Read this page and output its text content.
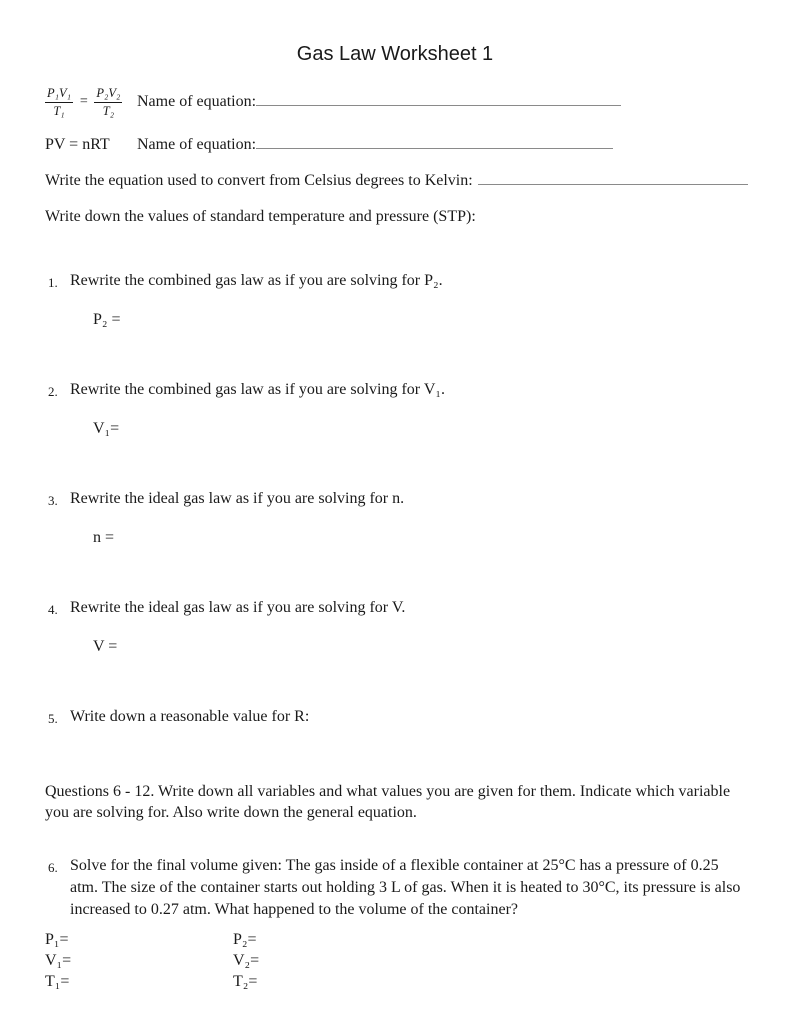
Gas Law Worksheet 1
$\frac{\text{P₁V₁}}{\text{T₁}} = \frac{\text{P₂V₂}}{\text{T₂}}$ Name of equation:
PV = nRT	Name of equation:
Write the equation used to convert from Celsius degrees to Kelvin:
Write down the values of standard temperature and pressure (STP):
1. Rewrite the combined gas law as if you are solving for P₂.
P₂ =
2. Rewrite the combined gas law as if you are solving for V₁.
V₁=
3. Rewrite the ideal gas law as if you are solving for n.
n =
4. Rewrite the ideal gas law as if you are solving for V.
V =
5. Write down a reasonable value for R:
Questions 6 - 12. Write down all variables and what values you are given for them. Indicate which variable you are solving for. Also write down the general equation.
6. Solve for the final volume given: The gas inside of a flexible container at 25°C has a pressure of 0.25 atm. The size of the container starts out holding 3 L of gas. When it is heated to 30°C, its pressure is also increased to 0.27 atm. What happened to the volume of the container?
P₁=	P₂=
V₁=	V₂=
T₁=	T₂=
